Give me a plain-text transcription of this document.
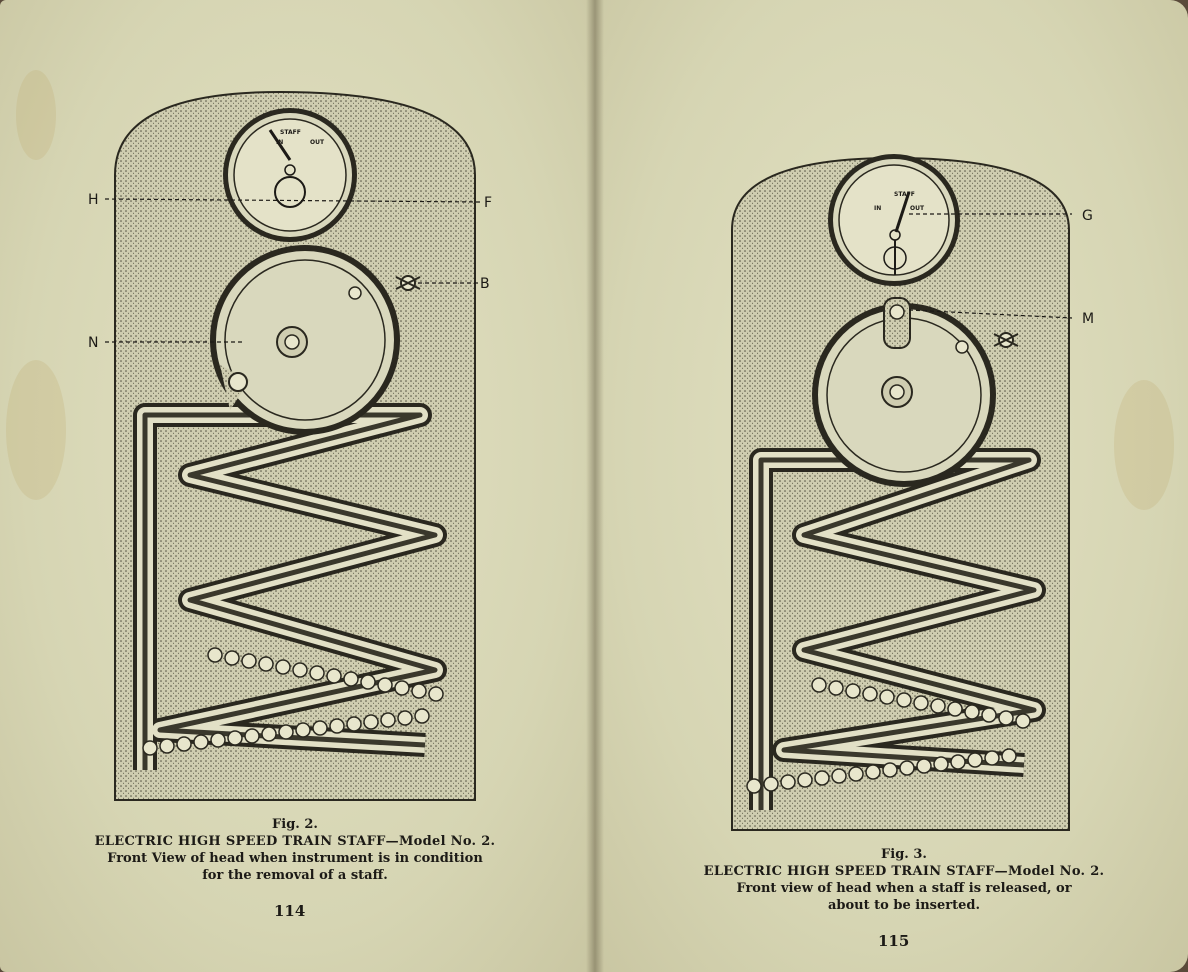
IN
STAFF
OUT
H	F
B
N
Fig. 2.
ELECTRIC HIGH SPEED TRAIN STAFF—Model No. 2.
Front View of head when instrument is in condition
for the removal of a staff.
114
IN
STAFF
OUT	G
M
Fig. 3.
ELECTRIC HIGH SPEED TRAIN STAFF—Model No. 2.
Front view of head when a staff is released, or
about to be inserted.
115
